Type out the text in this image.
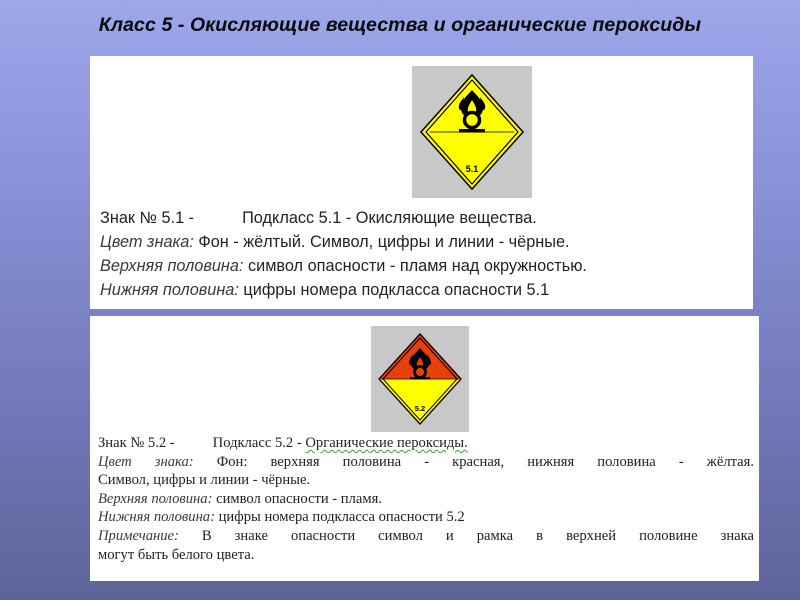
Класс 5 - Окисляющие вещества и органические пероксиды
5.1
Знак № 5.1 -	Подкласс 5.1 - Окисляющие вещества.
Цвет знака: Фон - жёлтый. Символ, цифры и линии - чёрные.
Верхняя половина: символ опасности - пламя над окружностью.
Нижняя половина: цифры номера подкласса опасности 5.1
5.2
Знак № 5.2 -	Подкласс 5.2 - Органические пероксиды.
Цвет знака: Фон: верхняя половина - красная, нижняя половина - жёлтая.
Символ, цифры и линии - чёрные.
Верхняя половина: символ опасности - пламя.
Нижняя половина: цифры номера подкласса опасности 5.2
Примечание: В знаке опасности символ и рамка в верхней половине знака
могут быть белого цвета.
